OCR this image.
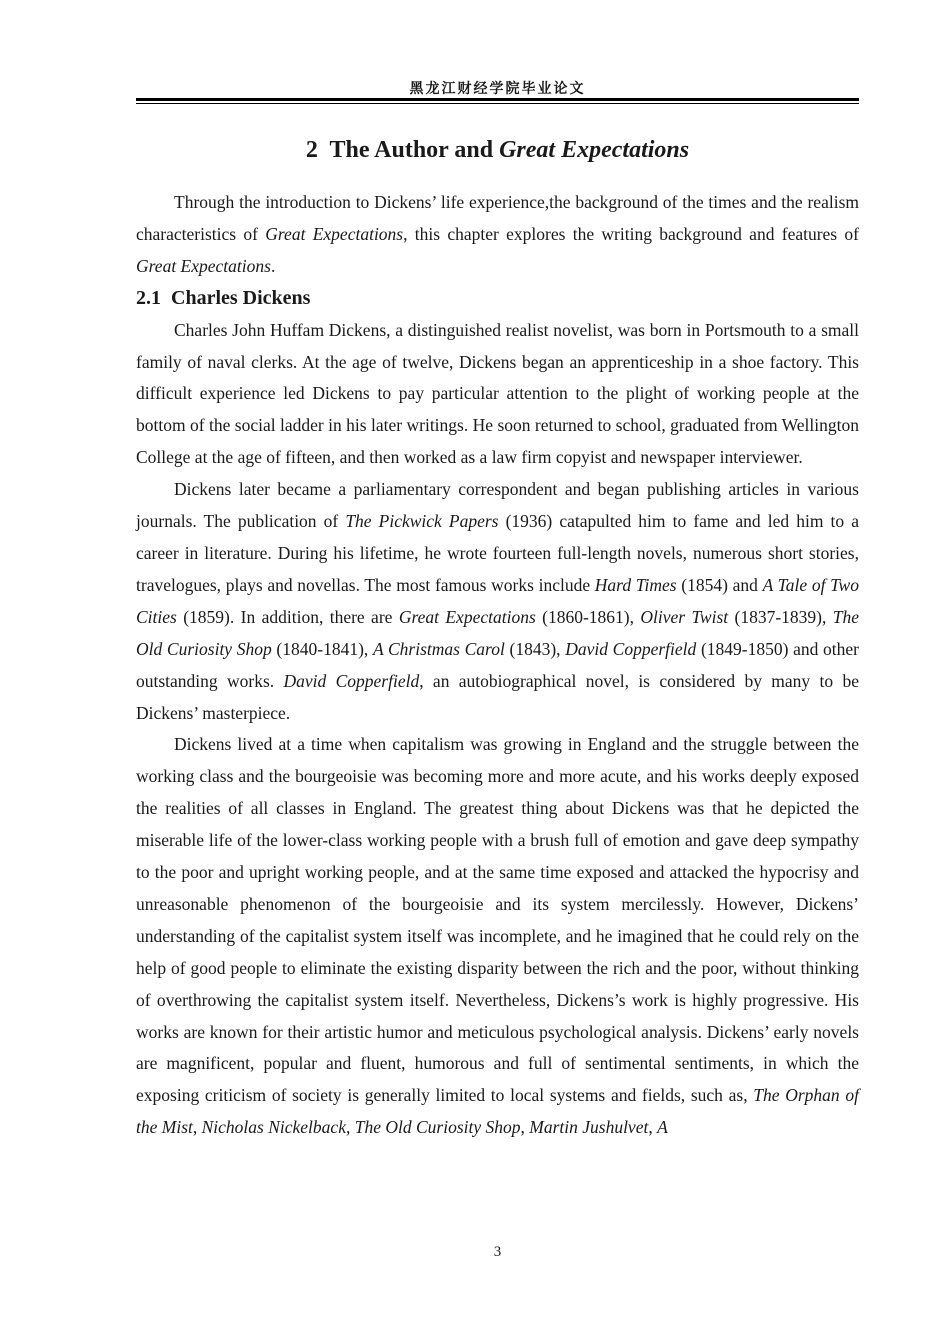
黑龙江财经学院毕业论文
2 The Author and Great Expectations

Through the introduction to Dickens’ life experience,the background of the times and the realism characteristics of Great Expectations, this chapter explores the writing background and features of Great Expectations.

2.1 Charles Dickens

Charles John Huffam Dickens, a distinguished realist novelist, was born in Portsmouth to a small family of naval clerks. At the age of twelve, Dickens began an apprenticeship in a shoe factory. This difficult experience led Dickens to pay particular attention to the plight of working people at the bottom of the social ladder in his later writings. He soon returned to school, graduated from Wellington College at the age of fifteen, and then worked as a law firm copyist and newspaper interviewer.

Dickens later became a parliamentary correspondent and began publishing articles in various journals. The publication of The Pickwick Papers (1936) catapulted him to fame and led him to a career in literature. During his lifetime, he wrote fourteen full-length novels, numerous short stories, travelogues, plays and novellas. The most famous works include Hard Times (1854) and A Tale of Two Cities (1859). In addition, there are Great Expectations (1860-1861), Oliver Twist (1837-1839), The Old Curiosity Shop (1840-1841), A Christmas Carol (1843), David Copperfield (1849-1850) and other outstanding works. David Copperfield, an autobiographical novel, is considered by many to be Dickens’ masterpiece.

Dickens lived at a time when capitalism was growing in England and the struggle between the working class and the bourgeoisie was becoming more and more acute, and his works deeply exposed the realities of all classes in England. The greatest thing about Dickens was that he depicted the miserable life of the lower-class working people with a brush full of emotion and gave deep sympathy to the poor and upright working people, and at the same time exposed and attacked the hypocrisy and unreasonable phenomenon of the bourgeoisie and its system mercilessly. However, Dickens’ understanding of the capitalist system itself was incomplete, and he imagined that he could rely on the help of good people to eliminate the existing disparity between the rich and the poor, without thinking of overthrowing the capitalist system itself. Nevertheless, Dickens’s work is highly progressive. His works are known for their artistic humor and meticulous psychological analysis. Dickens’ early novels are magnificent, popular and fluent, humorous and full of sentimental sentiments, in which the exposing criticism of society is generally limited to local systems and fields, such as, The Orphan of the Mist, Nicholas Nickelback, The Old Curiosity Shop, Martin Jushulvet, A

3
